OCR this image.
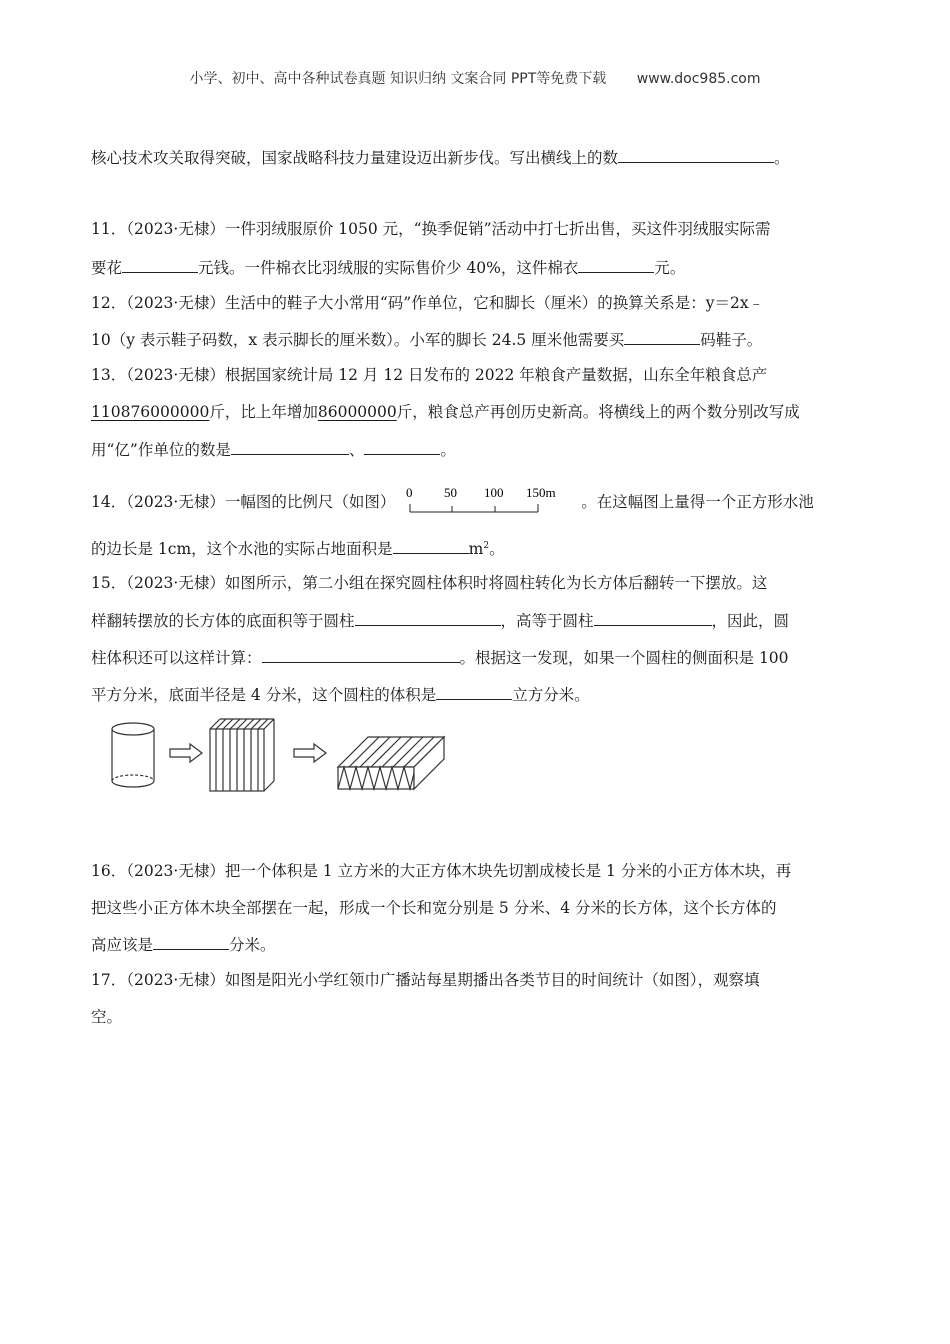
小学、初中、高中各种试卷真题 知识归纳 文案合同 PPT等免费下载 www.doc985.com
核心技术攻关取得突破，国家战略科技力量建设迈出新步伐。写出横线上的数	。
11．（2023·无棣）一件羽绒服原价 1050 元，“换季促销”活动中打七折出售，买这件羽绒服实际需
要花	元钱。一件棉衣比羽绒服的实际售价少 40%，这件棉衣	元。
12．（2023·无棣）生活中的鞋子大小常用“码”作单位，它和脚长（厘米）的换算关系是：y＝2x﹣
10（y 表示鞋子码数，x 表示脚长的厘米数）。小军的脚长 24.5 厘米他需要买	码鞋子。
13．（2023·无棣）根据国家统计局 12 月 12 日发布的 2022 年粮食产量数据，山东全年粮食总产
110876000000斤，比上年增加86000000斤，粮食总产再创历史新高。将横线上的两个数分别改写成
用“亿”作单位的数是	、	。
14．（2023·无棣）一幅图的比例尺（如图）
0 50 100 150m
。在这幅图上量得一个正方形水池
的边长是 1cm，这个水池的实际占地面积是	$m^2$。
15．（2023·无棣）如图所示，第二小组在探究圆柱体积时将圆柱转化为长方体后翻转一下摆放。这
样翻转摆放的长方体的底面积等于圆柱	，高等于圆柱	，因此，圆
柱体积还可以这样计算：	。根据这一发现，如果一个圆柱的侧面积是 100
平方分米，底面半径是 4 分米，这个圆柱的体积是	立方分米。
16．（2023·无棣）把一个体积是 1 立方米的大正方体木块先切割成棱长是 1 分米的小正方体木块，再
把这些小正方体木块全部摆在一起，形成一个长和宽分别是 5 分米、4 分米的长方体，这个长方体的
高应该是	分米。
17．（2023·无棣）如图是阳光小学红领巾广播站每星期播出各类节目的时间统计（如图），观察填
空。
